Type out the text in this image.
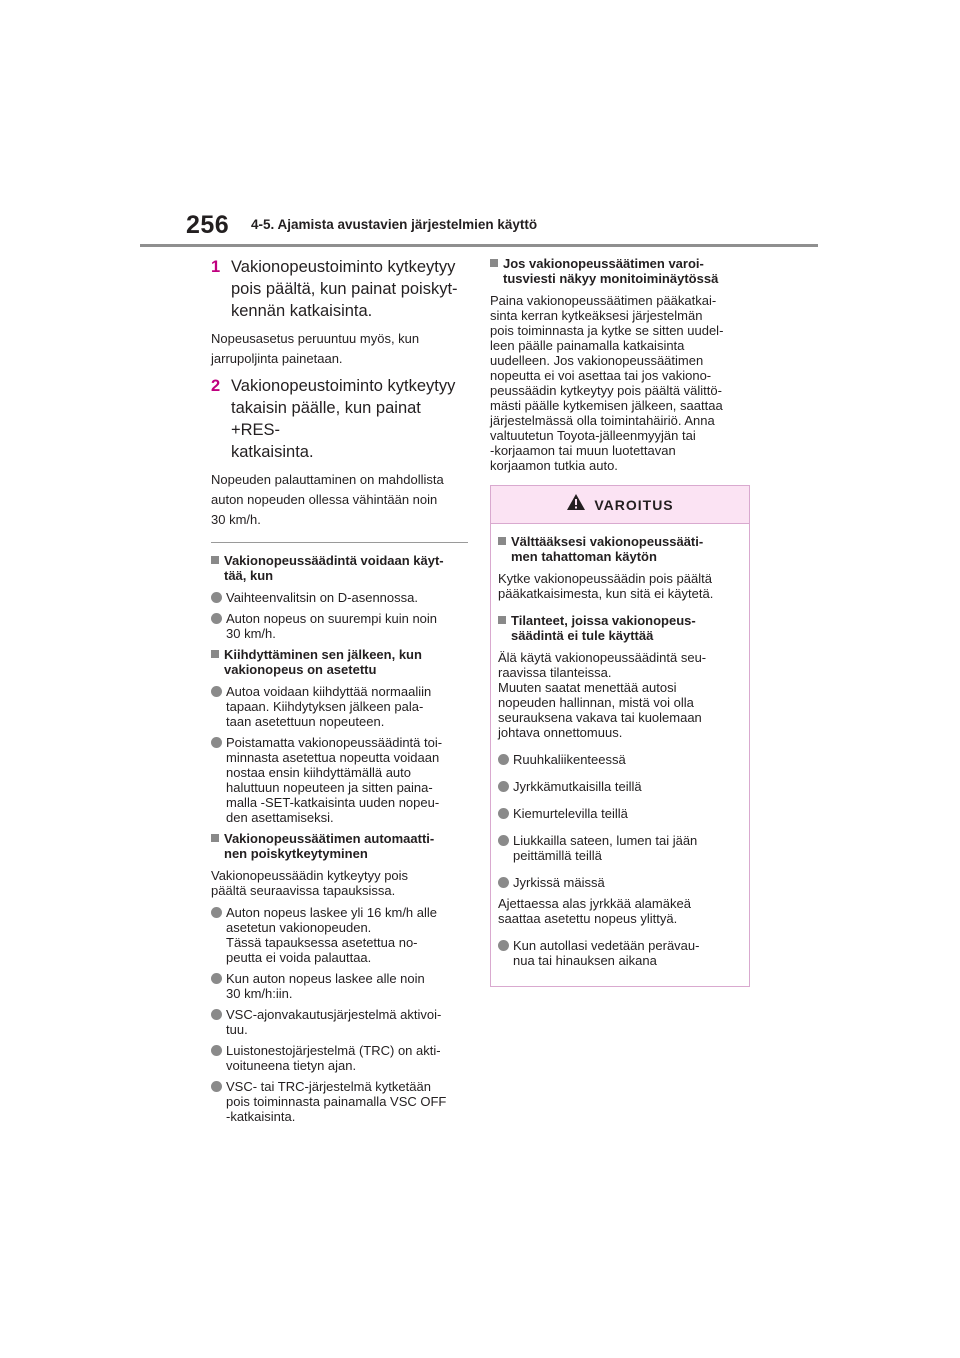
256 4-5. Ajamista avustavien järjestelmien käyttö
1 Vakionopeustoiminto kytkeytyy
pois päältä, kun painat poiskyt-
kennän katkaisinta.
Nopeusasetus peruuntuu myös, kun
jarrupoljinta painetaan.
2 Vakionopeustoiminto kytkeytyy
takaisin päälle, kun painat +RES-
katkaisinta.
Nopeuden palauttaminen on mahdollista
auton nopeuden ollessa vähintään noin
30 km/h.
Vakionopeussäädintä voidaan käyt-
tää, kun
Vaihteenvalitsin on D-asennossa.
Auton nopeus on suurempi kuin noin
30 km/h.
Kiihdyttäminen sen jälkeen, kun
vakionopeus on asetettu
Autoa voidaan kiihdyttää normaaliin
tapaan. Kiihdytyksen jälkeen pala-
taan asetettuun nopeuteen.
Poistamatta vakionopeussäädintä toi-
minnasta asetettua nopeutta voidaan
nostaa ensin kiihdyttämällä auto
haluttuun nopeuteen ja sitten paina-
malla -SET-katkaisinta uuden nopeu-
den asettamiseksi.
Vakionopeussäätimen automaatti-
nen poiskytkeytyminen
Vakionopeussäädin kytkeytyy pois
päältä seuraavissa tapauksissa.
Auton nopeus laskee yli 16 km/h alle
asetetun vakionopeuden.
Tässä tapauksessa asetettua no-
peutta ei voida palauttaa.
Kun auton nopeus laskee alle noin
30 km/h:iin.
VSC-ajonvakautusjärjestelmä aktivoi-
tuu.
Luistonestojärjestelmä (TRC) on akti-
voituneena tietyn ajan.
VSC- tai TRC-järjestelmä kytketään
pois toiminnasta painamalla VSC OFF
-katkaisinta.
Jos vakionopeussäätimen varoi-
tusviesti näkyy monitoiminäytössä
Paina vakionopeussäätimen pääkatkai-
sinta kerran kytkeäksesi järjestelmän
pois toiminnasta ja kytke se sitten uudel-
leen päälle painamalla katkaisinta
uudelleen. Jos vakionopeussäätimen
nopeutta ei voi asettaa tai jos vakiono-
peussäädin kytkeytyy pois päältä välittö-
mästi päälle kytkemisen jälkeen, saattaa
järjestelmässä olla toimintahäiriö. Anna
valtuutetun Toyota-jälleenmyyjän tai
-korjaamon tai muun luotettavan
korjaamon tutkia auto.
VAROITUS
Välttääksesi vakionopeussääti-
men tahattoman käytön
Kytke vakionopeussäädin pois päältä
pääkatkaisimesta, kun sitä ei käytetä.
Tilanteet, joissa vakionopeus-
säädintä ei tule käyttää
Älä käytä vakionopeussäädintä seu-
raavissa tilanteissa.
Muuten saatat menettää autosi
nopeuden hallinnan, mistä voi olla
seurauksena vakava tai kuolemaan
johtava onnettomuus.
Ruuhkaliikenteessä
Jyrkkämutkaisilla teillä
Kiemurtelevilla teillä
Liukkailla sateen, lumen tai jään
peittämillä teillä
Jyrkissä mäissä
Ajettaessa alas jyrkkää alamäkeä
saattaa asetettu nopeus ylittyä.
Kun autollasi vedetään perävau-
nua tai hinauksen aikana
